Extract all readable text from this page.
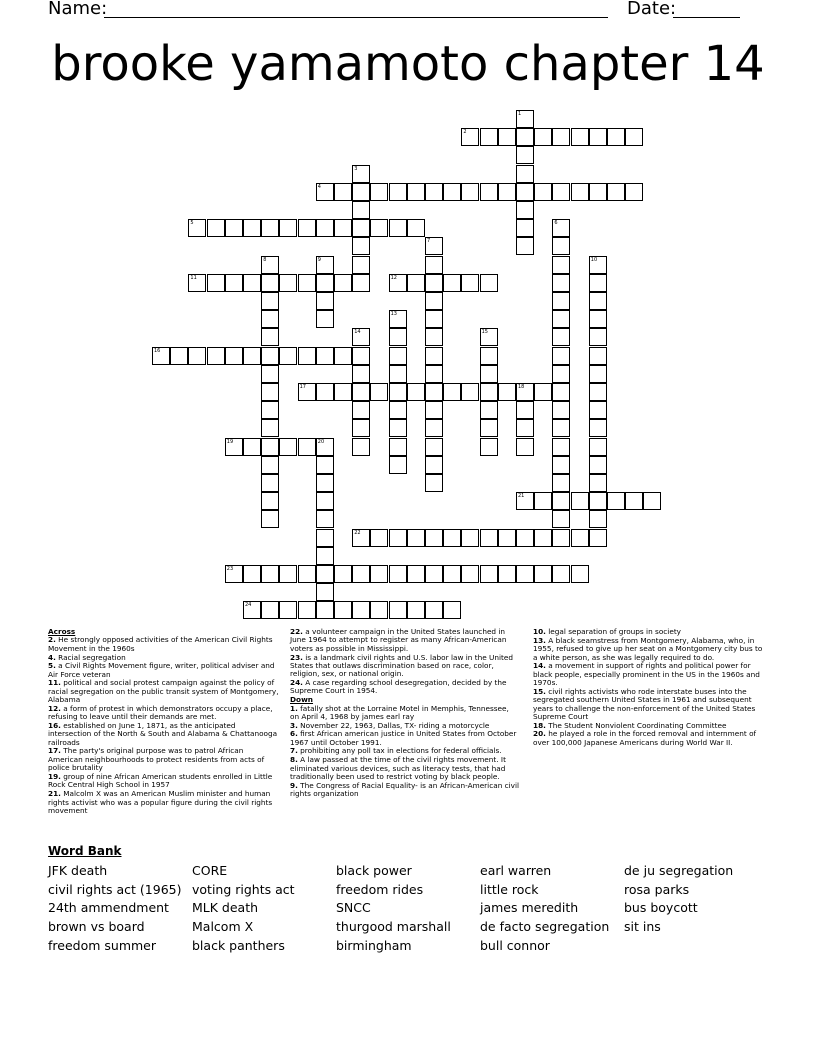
Name:	Date:
brooke yamamoto chapter 14
1
2
3
4
5	6
7
8	9	10
11	12
13
14	15
16
17	18
19	20
21
22
23
24
Across
2. He strongly opposed activities of the American Civil Rights Movement in the 1960s
4. Racial segregation
5. a Civil Rights Movement figure, writer, political adviser and Air Force veteran
11. political and social protest campaign against the policy of racial segregation on the public transit system of Montgomery, Alabama
12. a form of protest in which demonstrators occupy a place, refusing to leave until their demands are met.
16. established on June 1, 1871, as the anticipated intersection of the North & South and Alabama & Chattanooga railroads
17. The party's original purpose was to patrol African American neighbourhoods to protect residents from acts of police brutality
19. group of nine African American students enrolled in Little Rock Central High School in 1957
21. Malcolm X was an American Muslim minister and human rights activist who was a popular figure during the civil rights movement
22. a volunteer campaign in the United States launched in June 1964 to attempt to register as many African-American voters as possible in Mississippi.
23. is a landmark civil rights and U.S. labor law in the United States that outlaws discrimination based on race, color, religion, sex, or national origin.
24. A case regarding school desegregation, decided by the Supreme Court in 1954.
Down
1. fatally shot at the Lorraine Motel in Memphis, Tennessee, on April 4, 1968 by james earl ray
3. November 22, 1963, Dallas, TX- riding a motorcycle
6. first African american justice in United States from October 1967 until October 1991.
7. prohibiting any poll tax in elections for federal officials.
8. A law passed at the time of the civil rights movement. It eliminated various devices, such as literacy tests, that had traditionally been used to restrict voting by black people.
9. The Congress of Racial Equality- is an African-American civil rights organization
10. legal separation of groups in society
13. A black seamstress from Montgomery, Alabama, who, in 1955, refused to give up her seat on a Montgomery city bus to a white person, as she was legally required to do.
14. a movement in support of rights and political power for black people, especially prominent in the US in the 1960s and 1970s.
15. civil rights activists who rode interstate buses into the segregated southern United States in 1961 and subsequent years to challenge the non-enforcement of the United States Supreme Court
18. The Student Nonviolent Coordinating Committee
20. he played a role in the forced removal and internment of over 100,000 Japanese Americans during World War II.
Word Bank
JFK death
civil rights act (1965)
24th ammendment
brown vs board
freedom summer
CORE
voting rights act
MLK death
Malcom X
black panthers
black power
freedom rides
SNCC
thurgood marshall
birmingham
earl warren
little rock
james meredith
de facto segregation
bull connor
de ju segregation
rosa parks
bus boycott
sit ins
